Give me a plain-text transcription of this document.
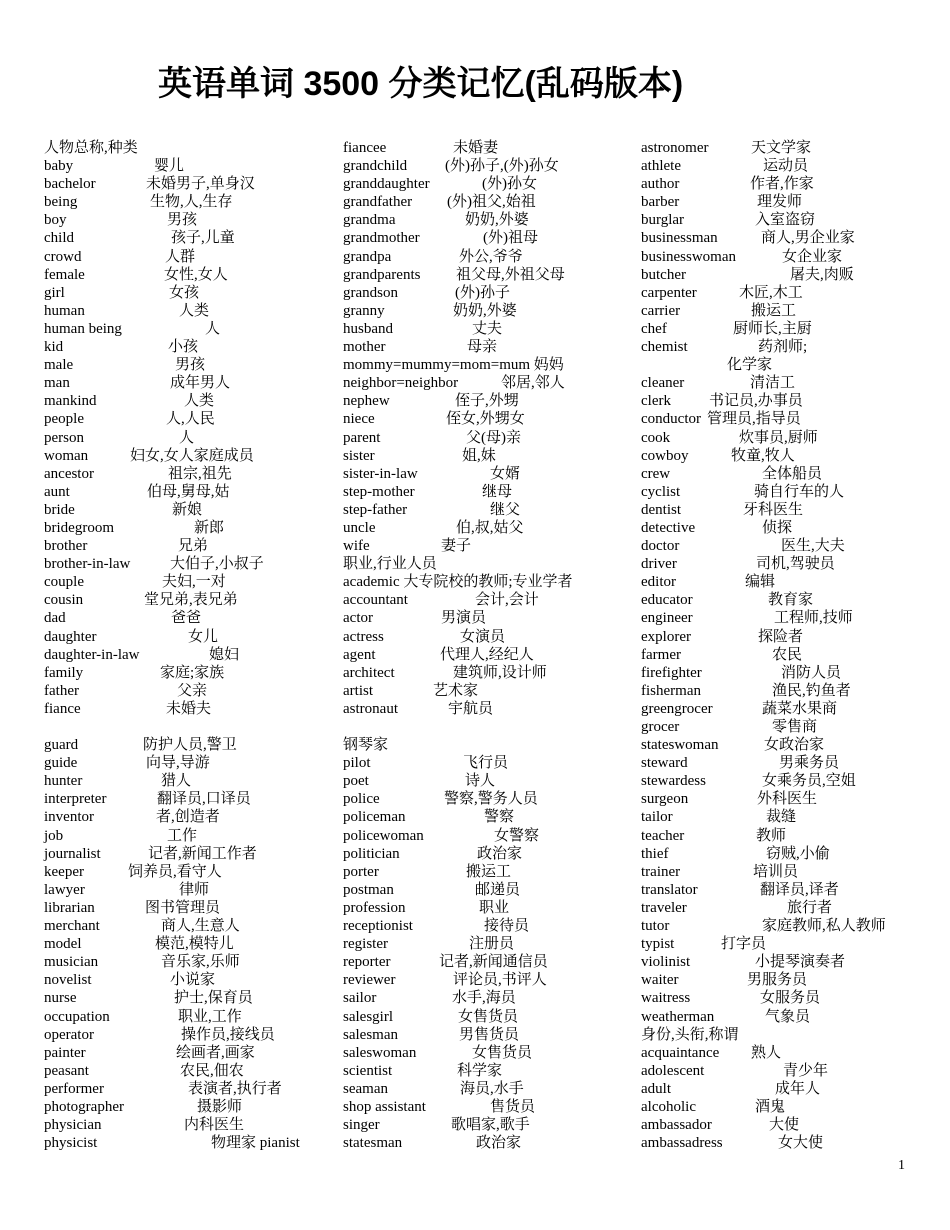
英语单词 3500 分类记忆(乱码版本)
人物总称,种类
baby	婴儿
bachelor	未婚男子,单身汉
being	生物,人,生存
boy	男孩
child	孩子,儿童
crowd	人群
female	女性,女人
girl	女孩
human	人类
human being	人
kid	小孩
male	男孩
man	成年男人
mankind	人类
people	人,人民
person	人
woman	妇女,女人家庭成员
ancestor	祖宗,祖先
aunt	伯母,舅母,姑
bride	新娘
bridegroom	新郎
brother	兄弟
brother-in-law	大伯子,小叔子
couple	夫妇,一对
cousin	堂兄弟,表兄弟
dad	爸爸
daughter	女儿
daughter-in-law	媳妇
family	家庭;家族
father	父亲
fiance	未婚夫
guard	防护人员,警卫
guide	向导,导游
hunter	猎人
interpreter	翻译员,口译员
inventor	者,创造者
job	工作
journalist	记者,新闻工作者
keeper	饲养员,看守人
lawyer	律师
librarian	图书管理员
merchant	商人,生意人
model	模范,模特儿
musician	音乐家,乐师
novelist	小说家
nurse	护士,保育员
occupation	职业,工作
operator	操作员,接线员
painter	绘画者,画家
peasant	农民,佃农
performer	表演者,执行者
photographer	摄影师
physician	内科医生
physicist	物理家 pianist
fiancee	未婚妻
grandchild	(外)孙子,(外)孙女
granddaughter	(外)孙女
grandfather (外)祖父,始祖
grandma	奶奶,外婆
grandmother	(外)祖母
grandpa	外公,爷爷
grandparents 祖父母,外祖父母
grandson	(外)孙子
granny	奶奶,外婆
husband	丈夫
mother	母亲
mommy=mummy=mom=mum 妈妈
neighbor=neighbor	邻居,邻人
nephew	侄子,外甥
niece	侄女,外甥女
parent	父(母)亲
sister	姐,妹
sister-in-law	女婿
step-mother	继母
step-father	继父
uncle	伯,叔,姑父
wife	妻子
职业,行业人员
academic 大专院校的教师;专业学者
accountant	会计,会计
actor	男演员
actress	女演员
agent	代理人,经纪人
architect	建筑师,设计师
artist	艺术家
astronaut	宇航员
钢琴家
pilot	飞行员
poet	诗人
police	警察,警务人员
policeman	警察
policewoman	女警察
politician	政治家
porter	搬运工
postman	邮递员
profession	职业
receptionist	接待员
register	注册员
reporter	记者,新闻通信员
reviewer	评论员,书评人
sailor	水手,海员
salesgirl	女售货员
salesman	男售货员
saleswoman	女售货员
scientist	科学家
seaman	海员,水手
shop assistant	售货员
singer	歌唱家,歌手
statesman	政治家
astronomer	天文学家
athlete	运动员
author	作者,作家
barber	理发师
burglar	入室盗窃
businessman	商人,男企业家
businesswoman	女企业家
butcher	屠夫,肉贩
carpenter	木匠,木工
carrier	搬运工
chef	厨师长,主厨
chemist	药剂师;
化学家
cleaner	清洁工
clerk	书记员,办事员
conductor 管理员,指导员
cook	炊事员,厨师
cowboy	牧童,牧人
crew	全体船员
cyclist	骑自行车的人
dentist	牙科医生
detective	侦探
doctor	医生,大夫
driver	司机,驾驶员
editor	编辑
educator	教育家
engineer	工程师,技师
explorer	探险者
farmer	农民
firefighter	消防人员
fisherman	渔民,钓鱼者
greengrocer	蔬菜水果商
grocer	零售商
stateswoman	女政治家
steward	男乘务员
stewardess	女乘务员,空姐
surgeon	外科医生
tailor	裁缝
teacher	教师
thief	窃贼,小偷
trainer	培训员
translator	翻译员,译者
traveler	旅行者
tutor	家庭教师,私人教师
typist	打字员
violinist	小提琴演奏者
waiter	男服务员
waitress	女服务员
weatherman	气象员
身份,头衔,称谓
acquaintance 熟人
adolescent	青少年
adult	成年人
alcoholic	酒鬼
ambassador	大使
ambassadress	女大使
1
